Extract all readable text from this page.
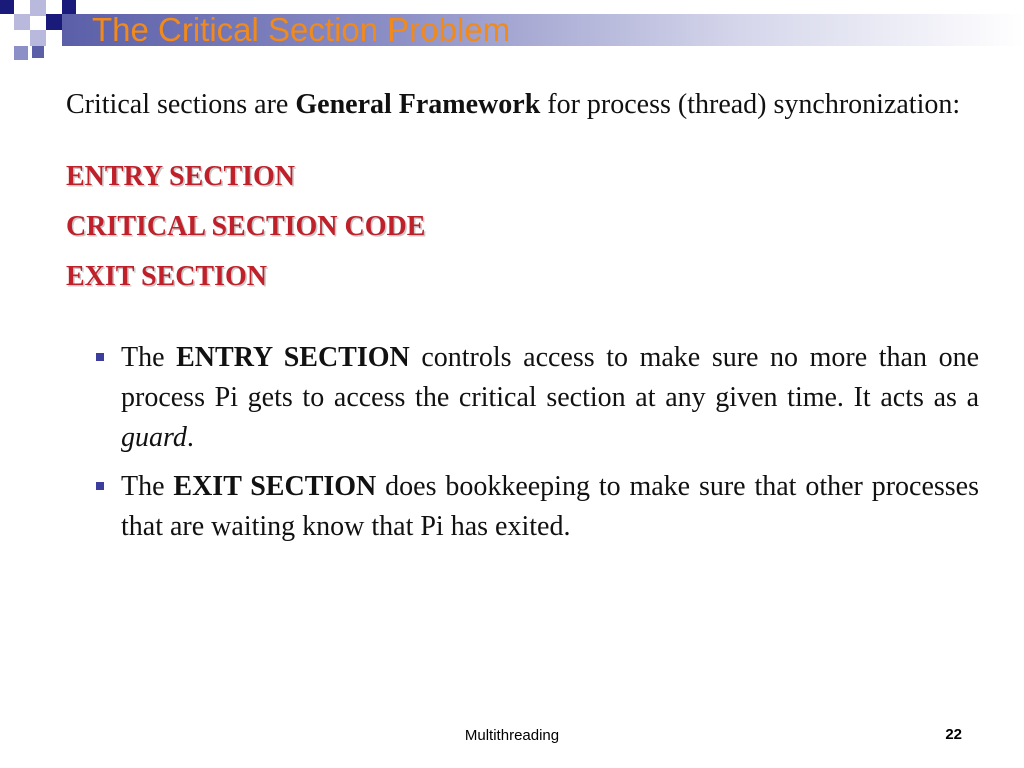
The Critical Section Problem

Critical sections are General Framework for process (thread) synchronization:

ENTRY SECTION

CRITICAL SECTION CODE

EXIT SECTION

The ENTRY SECTION controls access to make sure no more than one process Pi gets to access the critical section at any given time. It acts as a guard.
The EXIT SECTION does bookkeeping to make sure that other processes that are waiting know that Pi has exited.
Multithreading	22
